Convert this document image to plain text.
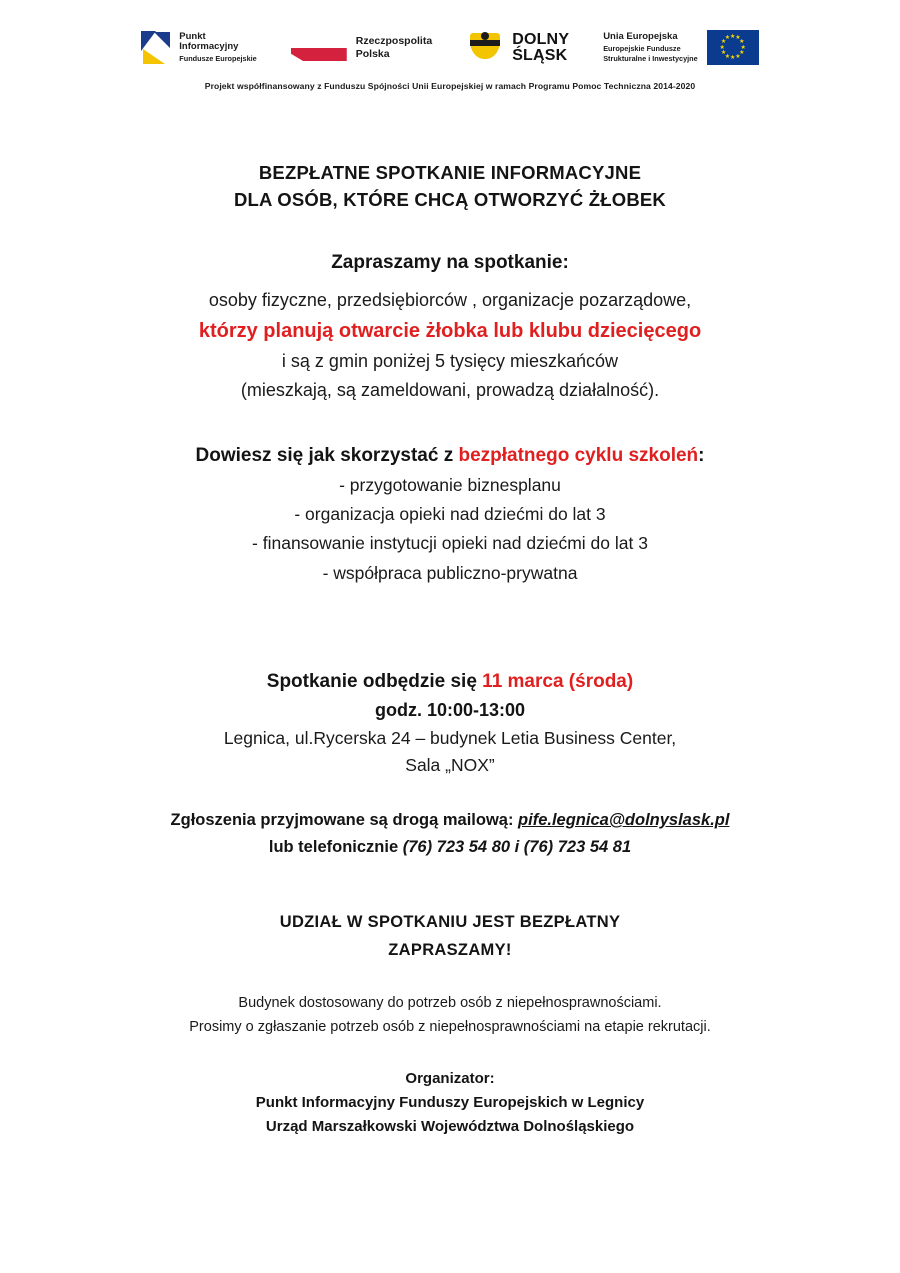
Punkt
Informacyjny
Fundusze Europejskie
Rzeczpospolita
Polska
DOLNY
ŚLĄSK
Unia Europejska
Europejskie Fundusze
Strukturalne i Inwestycyjne
★ ★
★
★
★
★
★
★
★
★
★
★
Projekt współfinansowany z Funduszu Spójności Unii Europejskiej w ramach Programu Pomoc Techniczna 2014-2020
BEZPŁATNE SPOTKANIE INFORMACYJNE
DLA OSÓB, KTÓRE CHCĄ OTWORZYĆ ŻŁOBEK
Zapraszamy na spotkanie:
osoby fizyczne, przedsiębiorców , organizacje pozarządowe,
którzy planują otwarcie żłobka lub klubu dziecięcego
i są z gmin poniżej 5 tysięcy mieszkańców
(mieszkają, są zameldowani, prowadzą działalność).
Dowiesz się jak skorzystać z bezpłatnego cyklu szkoleń:
- przygotowanie biznesplanu
- organizacja opieki nad dziećmi do lat 3
- finansowanie instytucji opieki nad dziećmi do lat 3
- współpraca publiczno-prywatna
Spotkanie odbędzie się 11 marca (środa)
godz. 10:00-13:00
Legnica, ul.Rycerska 24 – budynek Letia Business Center,
Sala „NOX”
Zgłoszenia przyjmowane są drogą mailową: pife.legnica@dolnyslask.pl
lub telefonicznie (76) 723 54 80 i (76) 723 54 81
UDZIAŁ W SPOTKANIU JEST BEZPŁATNY
ZAPRASZAMY!
Budynek dostosowany do potrzeb osób z niepełnosprawnościami.
Prosimy o zgłaszanie potrzeb osób z niepełnosprawnościami na etapie rekrutacji.
Organizator:
Punkt Informacyjny Funduszy Europejskich w Legnicy
Urząd Marszałkowski Województwa Dolnośląskiego
